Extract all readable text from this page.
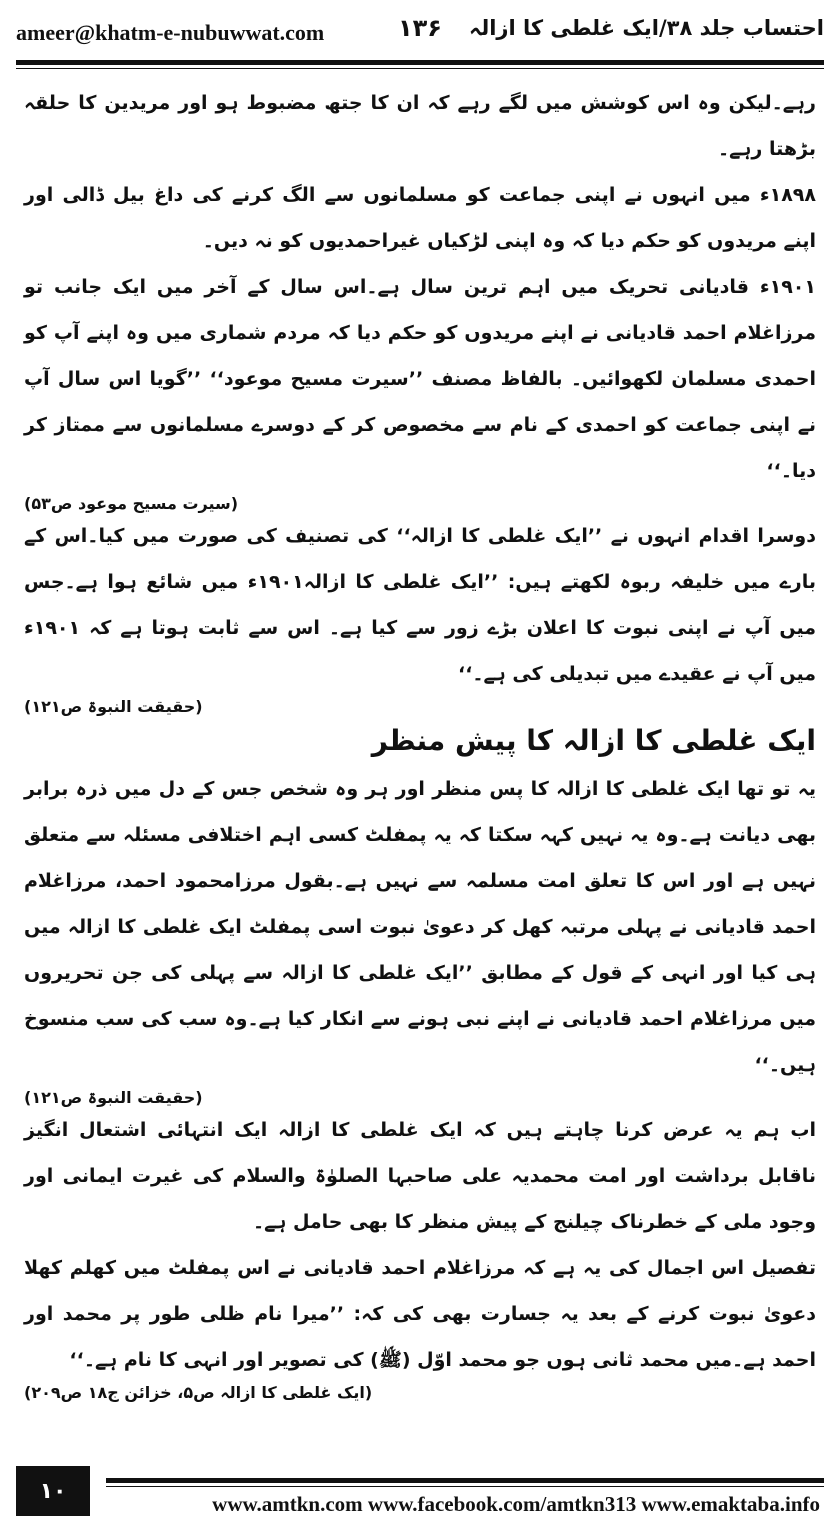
ameer@khatm-e-nubuwwat.com	۱۳۶ احتساب جلد ۳۸/ایک غلطی کا ازالہ

رہے۔لیکن وہ اس کوشش میں لگے رہے کہ ان کا جتھ مضبوط ہو اور مریدین کا حلقہ بڑھتا رہے۔

۱۸۹۸ء میں انہوں نے اپنی جماعت کو مسلمانوں سے الگ کرنے کی داغ بیل ڈالی اور اپنے مریدوں کو حکم دیا کہ وہ اپنی لڑکیاں غیراحمدیوں کو نہ دیں۔

۱۹۰۱ء قادیانی تحریک میں اہم ترین سال ہے۔اس سال کے آخر میں ایک جانب تو مرزاغلام احمد قادیانی نے اپنے مریدوں کو حکم دیا کہ مردم شماری میں وہ اپنے آپ کو احمدی مسلمان لکھوائیں۔ بالفاظ مصنف ’’سیرت مسیح موعود‘‘ ’’گویا اس سال آپ نے اپنی جماعت کو احمدی کے نام سے مخصوص کر کے دوسرے مسلمانوں سے ممتاز کر دیا۔‘‘

(سیرت مسیح موعود ص۵۳)

دوسرا اقدام انہوں نے ’’ایک غلطی کا ازالہ‘‘ کی تصنیف کی صورت میں کیا۔اس کے بارے میں خلیفہ ربوہ لکھتے ہیں: ’’ایک غلطی کا ازالہ۱۹۰۱ء میں شائع ہوا ہے۔جس میں آپ نے اپنی نبوت کا اعلان بڑے زور سے کیا ہے۔ اس سے ثابت ہوتا ہے کہ ۱۹۰۱ء میں آپ نے عقیدے میں تبدیلی کی ہے۔‘‘

(حقیقت النبوۃ ص۱۲۱)
ایک غلطی کا ازالہ کا پیش منظر

یہ تو تھا ایک غلطی کا ازالہ کا پس منظر اور ہر وہ شخص جس کے دل میں ذرہ برابر بھی دیانت ہے۔وہ یہ نہیں کہہ سکتا کہ یہ پمفلٹ کسی اہم اختلافی مسئلہ سے متعلق نہیں ہے اور اس کا تعلق امت مسلمہ سے نہیں ہے۔بقول مرزامحمود احمد، مرزاغلام احمد قادیانی نے پہلی مرتبہ کھل کر دعویٰ نبوت اسی پمفلٹ ایک غلطی کا ازالہ میں ہی کیا اور انہی کے قول کے مطابق ’’ایک غلطی کا ازالہ سے پہلی کی جن تحریروں میں مرزاغلام احمد قادیانی نے اپنے نبی ہونے سے انکار کیا ہے۔وہ سب کی سب منسوخ ہیں۔‘‘

(حقیقت النبوۃ ص۱۲۱)

اب ہم یہ عرض کرنا چاہتے ہیں کہ ایک غلطی کا ازالہ ایک انتہائی اشتعال انگیز ناقابل برداشت اور امت محمدیہ علی صاحبہا الصلوٰۃ والسلام کی غیرت ایمانی اور وجود ملی کے خطرناک چیلنج کے پیش منظر کا بھی حامل ہے۔

تفصیل اس اجمال کی یہ ہے کہ مرزاغلام احمد قادیانی نے اس پمفلٹ میں کھلم کھلا دعویٰ نبوت کرنے کے بعد یہ جسارت بھی کی کہ: ’’میرا نام ظلی طور پر محمد اور احمد ہے۔میں محمد ثانی ہوں جو محمد اوّل (ﷺ) کی تصویر اور انہی کا نام ہے۔‘‘

(ایک غلطی کا ازالہ ص۵، خزائن ج۱۸ ص۲۰۹)
۱۰
www.amtkn.com www.facebook.com/amtkn313 www.emaktaba.info
